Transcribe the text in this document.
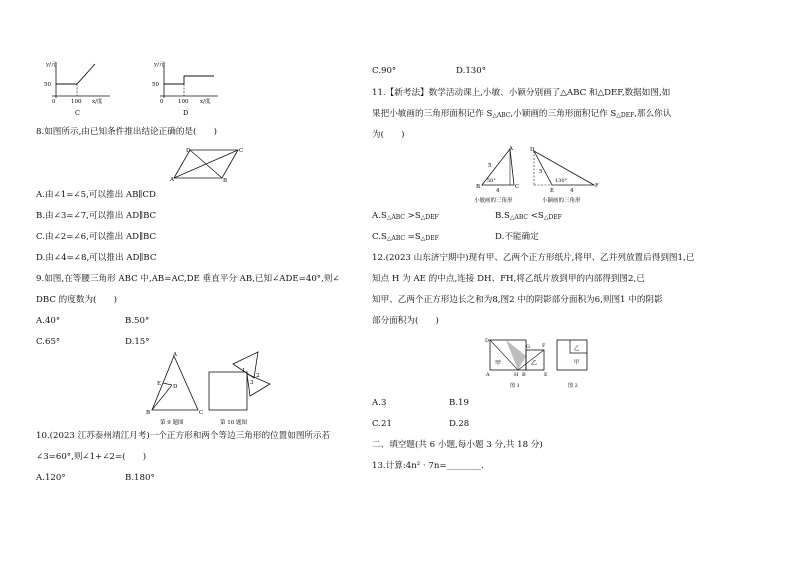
y/元
50
0	100 x/度
C
y/元
50
0	100 x/度
D
8.如图所示,由已知条件推出结论正确的是(　　)
D	C
A	B
A.由∠1=∠5,可以推出 AB∥CD
B.由∠3=∠7,可以推出 AD∥BC
C.由∠2=∠6,可以推出 AD∥BC
D.由∠4=∠8,可以推出 AD∥BC
9.如图,在等腰三角形 ABC 中,AB=AC,DE 垂直平分 AB,已知∠ADE=40°,则∠
DBC 的度数为(　　)
A.40°	B.50°
C.65°	D.15°
A
E D
B	C
第 9 题图
1
2
3
第 10 题图
10.(2023 江苏泰州靖江月考)一个正方形和两个等边三角形的位置如图所示若
∠3=60°,则∠1+∠2=(　　)
A.120°	B.180°
C.90°	D.130°
11.【新考法】数学活动课上,小敏、小颖分别画了△ABC 和△DEF,数据如图,如
果把小敏画的三角形面积记作 S△ABC,小颖画的三角形面积记作 S△DEF,那么你认
为(　　)
A
5
50°
B
4
C
小敏画的三角形
D
5
130°
E	4
F
小颖画的三角形
A.S△ABC >S△DEF	B.S△ABC <S△DEF
C.S△ABC =S△DEF	D.不能确定
12.(2023 山东济宁期中)现有甲、乙两个正方形纸片,将甲、乙并列放置后得到图1,已
知点 H 为 AE 的中点,连接 DH、FH,将乙纸片放到甲的内部得到图2,已
知甲、乙两个正方形边长之和为8,图2 中的阴影部分面积为6,则图1 中的阴影
部分面积为(　　)
D
G F
甲	乙
A	H B	E
图 1
乙
甲
图 2
A.3	B.19
C.21	D.28
二、填空题(共 6 小题,每小题 3 分,共 18 分)
13.计算:4n² · 7n=________.
